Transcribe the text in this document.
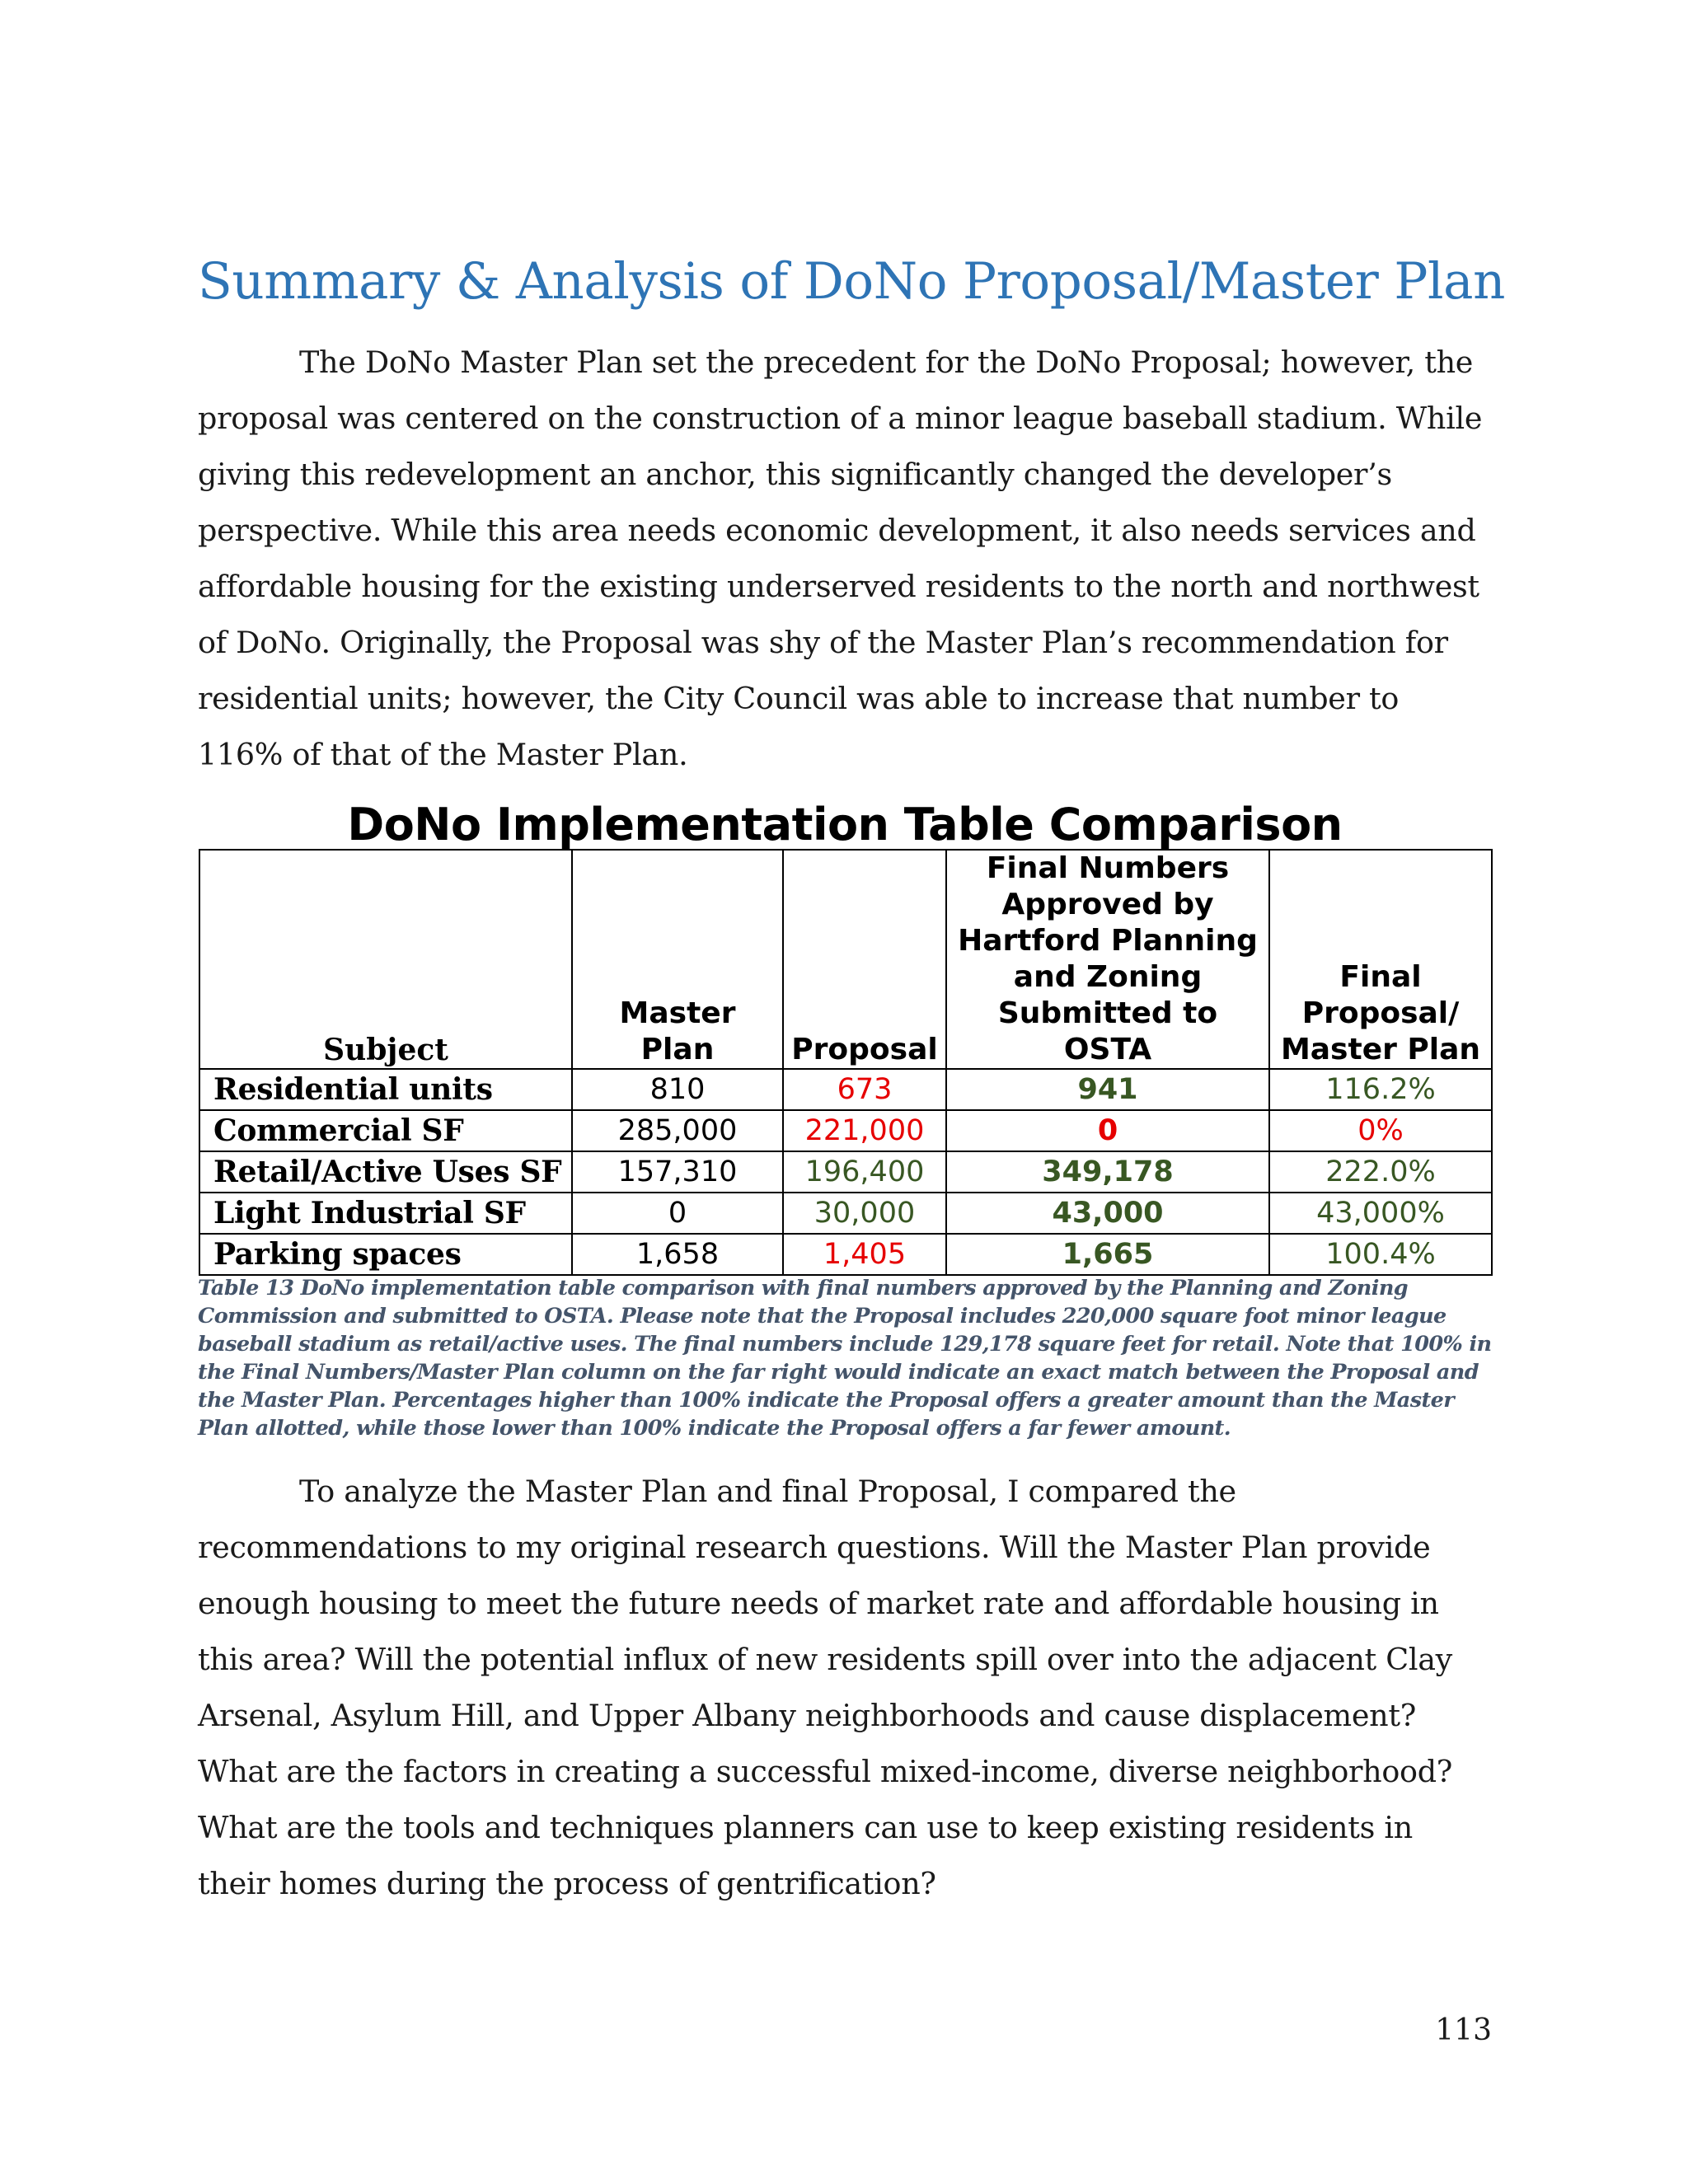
Summary & Analysis of DoNo Proposal/Master Plan

The DoNo Master Plan set the precedent for the DoNo Proposal; however, the proposal was centered on the construction of a minor league baseball stadium. While giving this redevelopment an anchor, this significantly changed the developer’s perspective. While this area needs economic development, it also needs services and affordable housing for the existing underserved residents to the north and northwest of DoNo. Originally, the Proposal was shy of the Master Plan’s recommendation for residential units; however, the City Council was able to increase that number to 116% of that of the Master Plan.

DoNo Implementation Table Comparison
Subject	Master Plan	Proposal	Final Numbers Approved by Hartford Planning and Zoning Submitted to OSTA	Final Proposal/ Master Plan
Residential units	810	673	941	116.2%
Commercial SF	285,000	221,000	0	0%
Retail/Active Uses SF	157,310	196,400	349,178	222.0%
Light Industrial SF	0	30,000	43,000	43,000%
Parking spaces	1,658	1,405	1,665	100.4%

Table 13 DoNo implementation table comparison with final numbers approved by the Planning and Zoning Commission and submitted to OSTA. Please note that the Proposal includes 220,000 square foot minor league baseball stadium as retail/active uses. The final numbers include 129,178 square feet for retail. Note that 100% in the Final Numbers/Master Plan column on the far right would indicate an exact match between the Proposal and the Master Plan. Percentages higher than 100% indicate the Proposal offers a greater amount than the Master Plan allotted, while those lower than 100% indicate the Proposal offers a far fewer amount.

To analyze the Master Plan and final Proposal, I compared the recommendations to my original research questions. Will the Master Plan provide enough housing to meet the future needs of market rate and affordable housing in this area? Will the potential influx of new residents spill over into the adjacent Clay Arsenal, Asylum Hill, and Upper Albany neighborhoods and cause displacement? What are the factors in creating a successful mixed-income, diverse neighborhood? What are the tools and techniques planners can use to keep existing residents in their homes during the process of gentrification?

113
